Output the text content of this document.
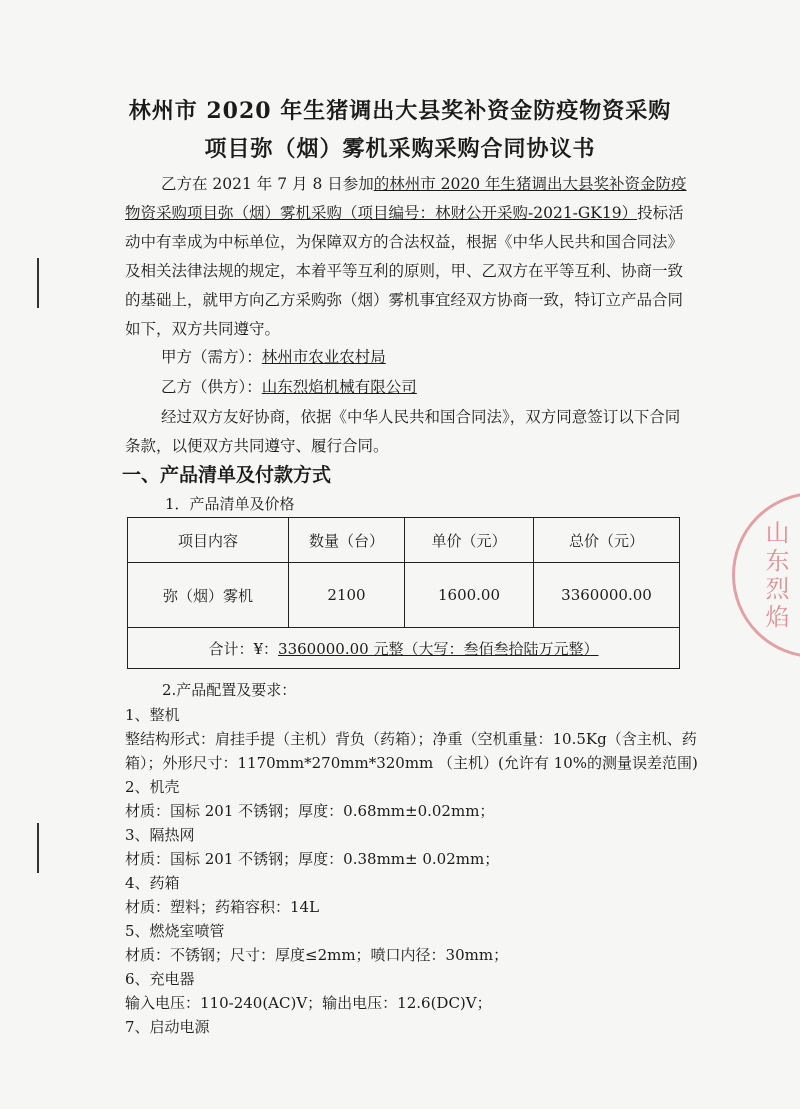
林州市 2020 年生猪调出大县奖补资金防疫物资采购
项目弥（烟）雾机采购采购合同协议书
乙方在 2021 年 7 月 8 日参加的林州市 2020 年生猪调出大县奖补资金防疫物资采购项目弥（烟）雾机采购（项目编号：林财公开采购-2021-GK19）投标活动中有幸成为中标单位，为保障双方的合法权益，根据《中华人民共和国合同法》及相关法律法规的规定，本着平等互利的原则，甲、乙双方在平等互利、协商一致的基础上，就甲方向乙方采购弥（烟）雾机事宜经双方协商一致，特订立产品合同如下，双方共同遵守。
甲方（需方）：林州市农业农村局
乙方（供方）：山东烈焰机械有限公司
经过双方友好协商，依据《中华人民共和国合同法》，双方同意签订以下合同条款，以便双方共同遵守、履行合同。
一、产品清单及付款方式
1．产品清单及价格
项目内容	数量（台）	单价（元）	总价（元）
弥（烟）雾机	2100	1600.00	3360000.00
合计：¥：3360000.00 元整（大写：叁佰叁拾陆万元整）			
2.产品配置及要求：
1、整机
整结构形式：肩挂手提（主机）背负（药箱）；净重（空机重量：10.5Kg（含主机、药箱）；外形尺寸：1170mm*270mm*320mm （主机）(允许有 10%的测量误差范围)
2、机壳
材质：国标 201 不锈钢；厚度：0.68mm±0.02mm；
3、隔热网
材质：国标 201 不锈钢；厚度：0.38mm± 0.02mm；
4、药箱
材质：塑料；药箱容积：14L
5、燃烧室喷管
材质：不锈钢；尺寸：厚度≤2mm；喷口内径：30mm；
6、充电器
输入电压：110-240(AC)V；输出电压：12.6(DC)V；
7、启动电源
山东烈焰
